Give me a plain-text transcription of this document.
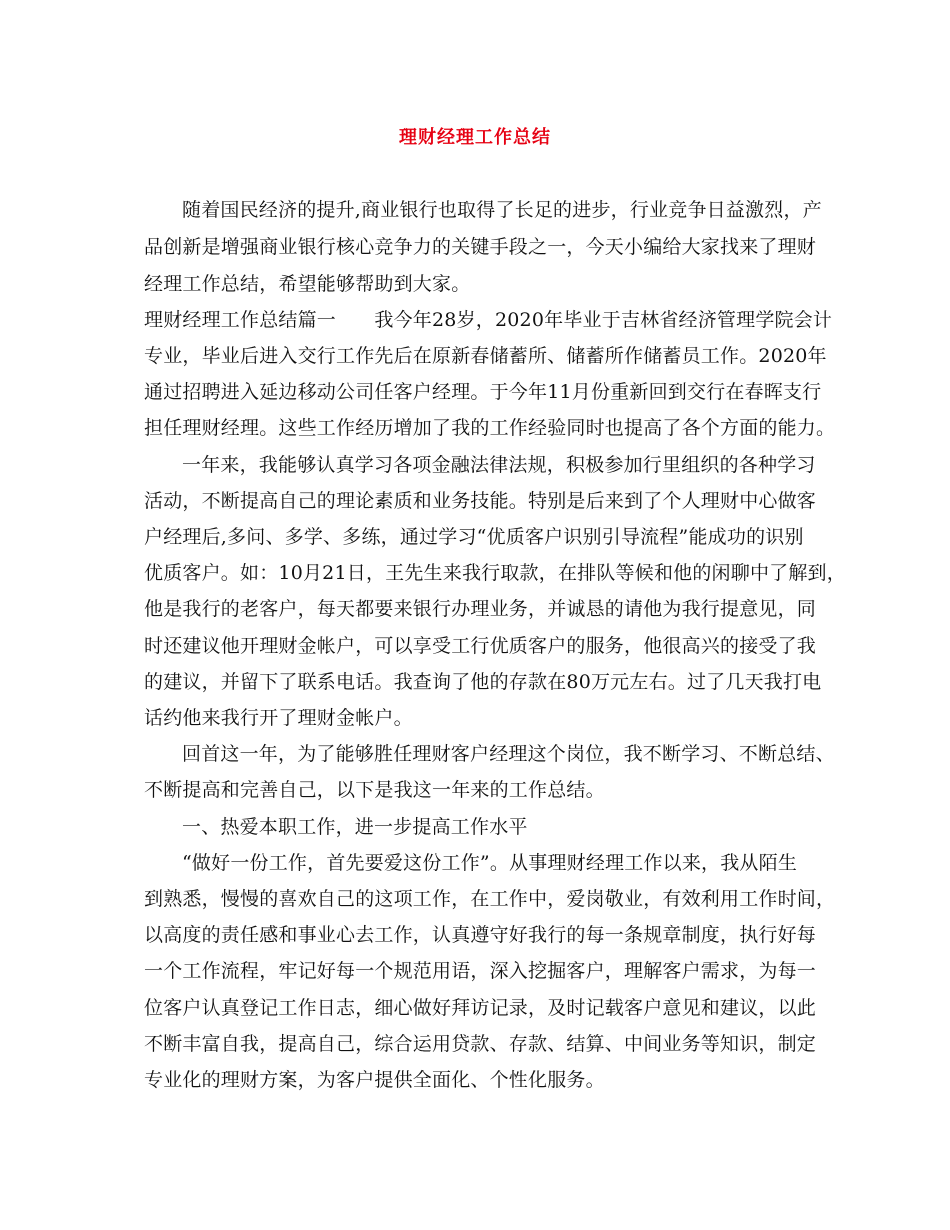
理财经理工作总结
随着国民经济的提升,商业银行也取得了长足的进步，行业竞争日益激烈，产
品创新是增强商业银行核心竞争力的关键手段之一，今天小编给大家找来了理财
经理工作总结，希望能够帮助到大家。
理财经理工作总结篇一　　我今年28岁，2020年毕业于吉林省经济管理学院会计
专业，毕业后进入交行工作先后在原新春储蓄所、储蓄所作储蓄员工作。2020年
通过招聘进入延边移动公司任客户经理。于今年11月份重新回到交行在春晖支行
担任理财经理。这些工作经历增加了我的工作经验同时也提高了各个方面的能力。
一年来，我能够认真学习各项金融法律法规，积极参加行里组织的各种学习
活动，不断提高自己的理论素质和业务技能。特别是后来到了个人理财中心做客
户经理后,多问、多学、多练，通过学习“优质客户识别引导流程”能成功的识别
优质客户。如：10月21日，王先生来我行取款，在排队等候和他的闲聊中了解到，
他是我行的老客户，每天都要来银行办理业务，并诚恳的请他为我行提意见，同
时还建议他开理财金帐户，可以享受工行优质客户的服务，他很高兴的接受了我
的建议，并留下了联系电话。我查询了他的存款在80万元左右。过了几天我打电
话约他来我行开了理财金帐户。
回首这一年，为了能够胜任理财客户经理这个岗位，我不断学习、不断总结、
不断提高和完善自己，以下是我这一年来的工作总结。
一、热爱本职工作，进一步提高工作水平
“做好一份工作，首先要爱这份工作”。从事理财经理工作以来，我从陌生
到熟悉，慢慢的喜欢自己的这项工作，在工作中，爱岗敬业，有效利用工作时间，
以高度的责任感和事业心去工作，认真遵守好我行的每一条规章制度，执行好每
一个工作流程，牢记好每一个规范用语，深入挖掘客户，理解客户需求，为每一
位客户认真登记工作日志，细心做好拜访记录，及时记载客户意见和建议，以此
不断丰富自我，提高自己，综合运用贷款、存款、结算、中间业务等知识，制定
专业化的理财方案，为客户提供全面化、个性化服务。
